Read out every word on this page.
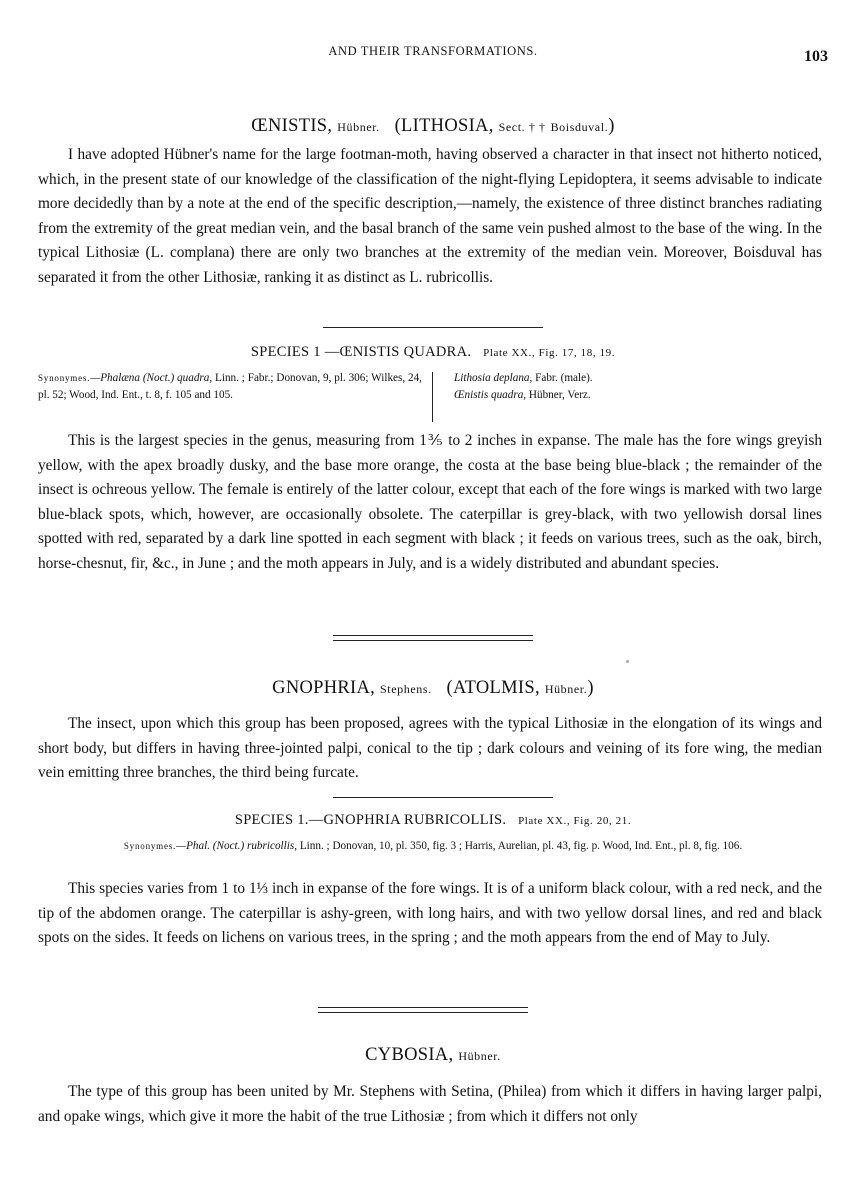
AND THEIR TRANSFORMATIONS.	103
ŒNISTIS, Hübner. (LITHOSIA, Sect. † † Boisduval.)
I have adopted Hübner's name for the large footman-moth, having observed a character in that insect not hitherto noticed, which, in the present state of our knowledge of the classification of the night-flying Lepidoptera, it seems advisable to indicate more decidedly than by a note at the end of the specific description,—namely, the existence of three distinct branches radiating from the extremity of the great median vein, and the basal branch of the same vein pushed almost to the base of the wing. In the typical Lithosiæ (L. complana) there are only two branches at the extremity of the median vein. Moreover, Boisduval has separated it from the other Lithosiæ, ranking it as distinct as L. rubricollis.
SPECIES 1 —ŒNISTIS QUADRA. Plate XX., Fig. 17, 18, 19.
Synonymes.—Phalæna (Noct.) quadra, Linn. ; Fabr.; Donovan, 9, pl. 306; Wilkes, 24, pl. 52; Wood, Ind. Ent., t. 8, f. 105 and 105.
Lithosia deplana, Fabr. (male).
Œnistis quadra, Hübner, Verz.
This is the largest species in the genus, measuring from 1⅗ to 2 inches in expanse. The male has the fore wings greyish yellow, with the apex broadly dusky, and the base more orange, the costa at the base being blue-black ; the remainder of the insect is ochreous yellow. The female is entirely of the latter colour, except that each of the fore wings is marked with two large blue-black spots, which, however, are occasionally obsolete. The caterpillar is grey-black, with two yellowish dorsal lines spotted with red, separated by a dark line spotted in each segment with black ; it feeds on various trees, such as the oak, birch, horse-chesnut, fir, &c., in June ; and the moth appears in July, and is a widely distributed and abundant species.
GNOPHRIA, Stephens. (ATOLMIS, Hübner.)
The insect, upon which this group has been proposed, agrees with the typical Lithosiæ in the elongation of its wings and short body, but differs in having three-jointed palpi, conical to the tip ; dark colours and veining of its fore wing, the median vein emitting three branches, the third being furcate.
SPECIES 1.—GNOPHRIA RUBRICOLLIS. Plate XX., Fig. 20, 21.
Synonymes.—Phal. (Noct.) rubricollis, Linn. ; Donovan, 10, pl. 350, fig. 3 ; Harris, Aurelian, pl. 43, fig. p. Wood, Ind. Ent., pl. 8, fig. 106.
This species varies from 1 to 1⅓ inch in expanse of the fore wings. It is of a uniform black colour, with a red neck, and the tip of the abdomen orange. The caterpillar is ashy-green, with long hairs, and with two yellow dorsal lines, and red and black spots on the sides. It feeds on lichens on various trees, in the spring ; and the moth appears from the end of May to July.
CYBOSIA, Hübner.
The type of this group has been united by Mr. Stephens with Setina, (Philea) from which it differs in having larger palpi, and opake wings, which give it more the habit of the true Lithosiæ ; from which it differs not only
